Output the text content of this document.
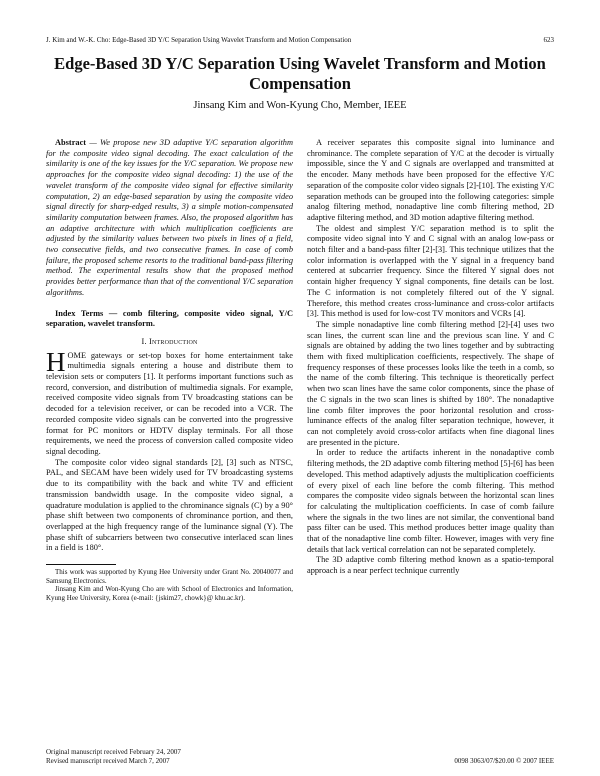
J. Kim and W.-K. Cho: Edge-Based 3D Y/C Separation Using Wavelet Transform and Motion Compensation	623
Edge-Based 3D Y/C Separation Using Wavelet Transform and Motion Compensation
Jinsang Kim and Won-Kyung Cho, Member, IEEE

Abstract — We propose new 3D adaptive Y/C separation algorithm for the composite video signal decoding. The exact calculation of the similarity is one of the key issues for the Y/C separation. We propose new approaches for the composite video signal decoding: 1) the use of the wavelet transform of the composite video signal for effective similarity computation, 2) an edge-based separation by using the composite video signal directly for sharp-edged results, 3) a simple motion-compensated similarity computation between frames. Also, the proposed algorithm has an adaptive architecture with which multiplication coefficients are adjusted by the similarity values between two pixels in lines of a field, two consecutive fields, and two consecutive frames. In case of comb failure, the proposed scheme resorts to the traditional band-pass filtering method. The experimental results show that the proposed method provides better performance than that of the conventional Y/C separation algorithms.

Index Terms — comb filtering, composite video signal, Y/C separation, wavelet transform.

I. Introduction

HOME gateways or set-top boxes for home entertainment take multimedia signals entering a house and distribute them to television sets or computers [1]. It performs important functions such as record, conversion, and distribution of multimedia signals. For example, received composite video signals from TV broadcasting stations can be decoded for a television receiver, or can be recoded into a VCR. The recorded composite video signals can be converted into the progressive format for PC monitors or HDTV display terminals. For all those requirements, we need the process of conversion called composite video signal decoding.

The composite color video signal standards [2], [3] such as NTSC, PAL, and SECAM have been widely used for TV broadcasting systems due to its compatibility with the back and white TV and efficient transmission bandwidth usage. In the composite video signal, a quadrature modulation is applied to the chrominance signals (C) by a 90° phase shift between two components of chrominance portion, and then, overlapped at the high frequency range of the luminance signal (Y). The phase shift of subcarriers between two consecutive interlaced scan lines in a field is 180°.

This work was supported by Kyung Hee University under Grant No. 20040077 and Samsung Electronics.

Jinsang Kim and Won-Kyung Cho are with School of Electronics and Information, Kyung Hee University, Korea (e-mail: {jskim27, chowk}@ khu.ac.kr).

A receiver separates this composite signal into luminance and chrominance. The complete separation of Y/C at the decoder is virtually impossible, since the Y and C signals are overlapped and transmitted at the encoder. Many methods have been proposed for the effective Y/C separation of the composite color video signals [2]-[10]. The existing Y/C separation methods can be grouped into the following categories: simple analog filtering method, nonadaptive line comb filtering method, 2D adaptive filtering method, and 3D motion adaptive filtering method.

The oldest and simplest Y/C separation method is to split the composite video signal into Y and C signal with an analog low-pass or notch filter and a band-pass filter [2]-[3]. This technique utilizes that the color information is overlapped with the Y signal in a frequency band centered at subcarrier frequency. Since the filtered Y signal does not contain higher frequency Y signal components, fine details can be lost. The C information is not completely filtered out of the Y signal. Therefore, this method creates cross-luminance and cross-color artifacts [3]. This method is used for low-cost TV monitors and VCRs [4].

The simple nonadaptive line comb filtering method [2]-[4] uses two scan lines, the current scan line and the previous scan line. Y and C signals are obtained by adding the two lines together and by subtracting them with fixed multiplication coefficients, respectively. The shape of frequency responses of these processes looks like the teeth in a comb, so the name of the comb filtering. This technique is theoretically perfect when two scan lines have the same color components, since the phase of the C signals in the two scan lines is shifted by 180°. The nonadaptive line comb filter improves the poor horizontal resolution and cross-luminance effects of the analog filter separation technique, however, it can not completely avoid cross-color artifacts when fine diagonal lines are presented in the picture.

In order to reduce the artifacts inherent in the nonadaptive comb filtering methods, the 2D adaptive comb filtering method [5]-[6] has been developed. This method adaptively adjusts the multiplication coefficients of every pixel of each line before the comb filtering. This method compares the composite video signals between the horizontal scan lines for calculating the multiplication coefficients. In case of comb failure where the signals in the two lines are not similar, the conventional band pass filter can be used. This method produces better image quality than that of the nonadaptive line comb filter. However, images with very fine details that lack vertical correlation can not be separated completely.

The 3D adaptive comb filtering method known as a spatio-temporal approach is a near perfect technique currently

Original manuscript received February 24, 2007
Revised manuscript received March 7, 2007	0098 3063/07/$20.00 © 2007 IEEE
